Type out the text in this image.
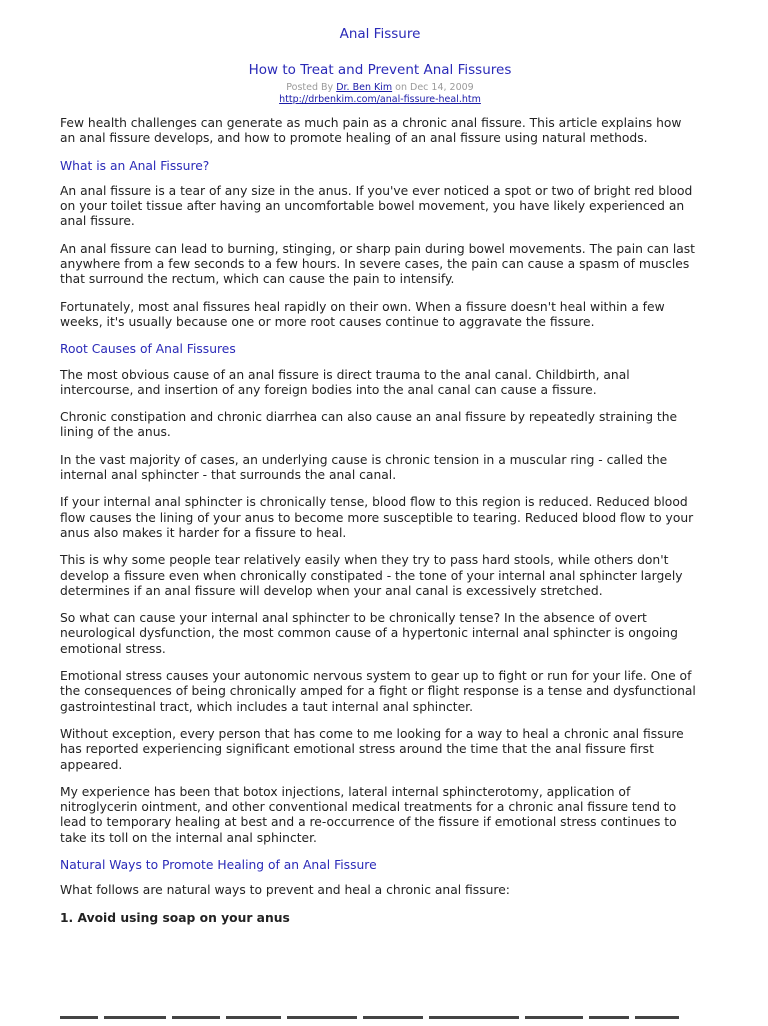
Anal Fissure
How to Treat and Prevent Anal Fissures
Posted By Dr. Ben Kim on Dec 14, 2009
http://drbenkim.com/anal-fissure-heal.htm

Few health challenges can generate as much pain as a chronic anal fissure. This article explains how an anal fissure develops, and how to promote healing of an anal fissure using natural methods.

What is an Anal Fissure?

An anal fissure is a tear of any size in the anus. If you've ever noticed a spot or two of bright red blood on your toilet tissue after having an uncomfortable bowel movement, you have likely experienced an anal fissure.

An anal fissure can lead to burning, stinging, or sharp pain during bowel movements. The pain can last anywhere from a few seconds to a few hours. In severe cases, the pain can cause a spasm of muscles that surround the rectum, which can cause the pain to intensify.

Fortunately, most anal fissures heal rapidly on their own. When a fissure doesn't heal within a few weeks, it's usually because one or more root causes continue to aggravate the fissure.

Root Causes of Anal Fissures

The most obvious cause of an anal fissure is direct trauma to the anal canal. Childbirth, anal intercourse, and insertion of any foreign bodies into the anal canal can cause a fissure.

Chronic constipation and chronic diarrhea can also cause an anal fissure by repeatedly straining the lining of the anus.

In the vast majority of cases, an underlying cause is chronic tension in a muscular ring - called the internal anal sphincter - that surrounds the anal canal.

If your internal anal sphincter is chronically tense, blood flow to this region is reduced. Reduced blood flow causes the lining of your anus to become more susceptible to tearing. Reduced blood flow to your anus also makes it harder for a fissure to heal.

This is why some people tear relatively easily when they try to pass hard stools, while others don't develop a fissure even when chronically constipated - the tone of your internal anal sphincter largely determines if an anal fissure will develop when your anal canal is excessively stretched.

So what can cause your internal anal sphincter to be chronically tense? In the absence of overt neurological dysfunction, the most common cause of a hypertonic internal anal sphincter is ongoing emotional stress.

Emotional stress causes your autonomic nervous system to gear up to fight or run for your life. One of the consequences of being chronically amped for a fight or flight response is a tense and dysfunctional gastrointestinal tract, which includes a taut internal anal sphincter.

Without exception, every person that has come to me looking for a way to heal a chronic anal fissure has reported experiencing significant emotional stress around the time that the anal fissure first appeared.

My experience has been that botox injections, lateral internal sphincterotomy, application of nitroglycerin ointment, and other conventional medical treatments for a chronic anal fissure tend to lead to temporary healing at best and a re-occurrence of the fissure if emotional stress continues to take its toll on the internal anal sphincter.

Natural Ways to Promote Healing of an Anal Fissure

What follows are natural ways to prevent and heal a chronic anal fissure:

1. Avoid using soap on your anus
